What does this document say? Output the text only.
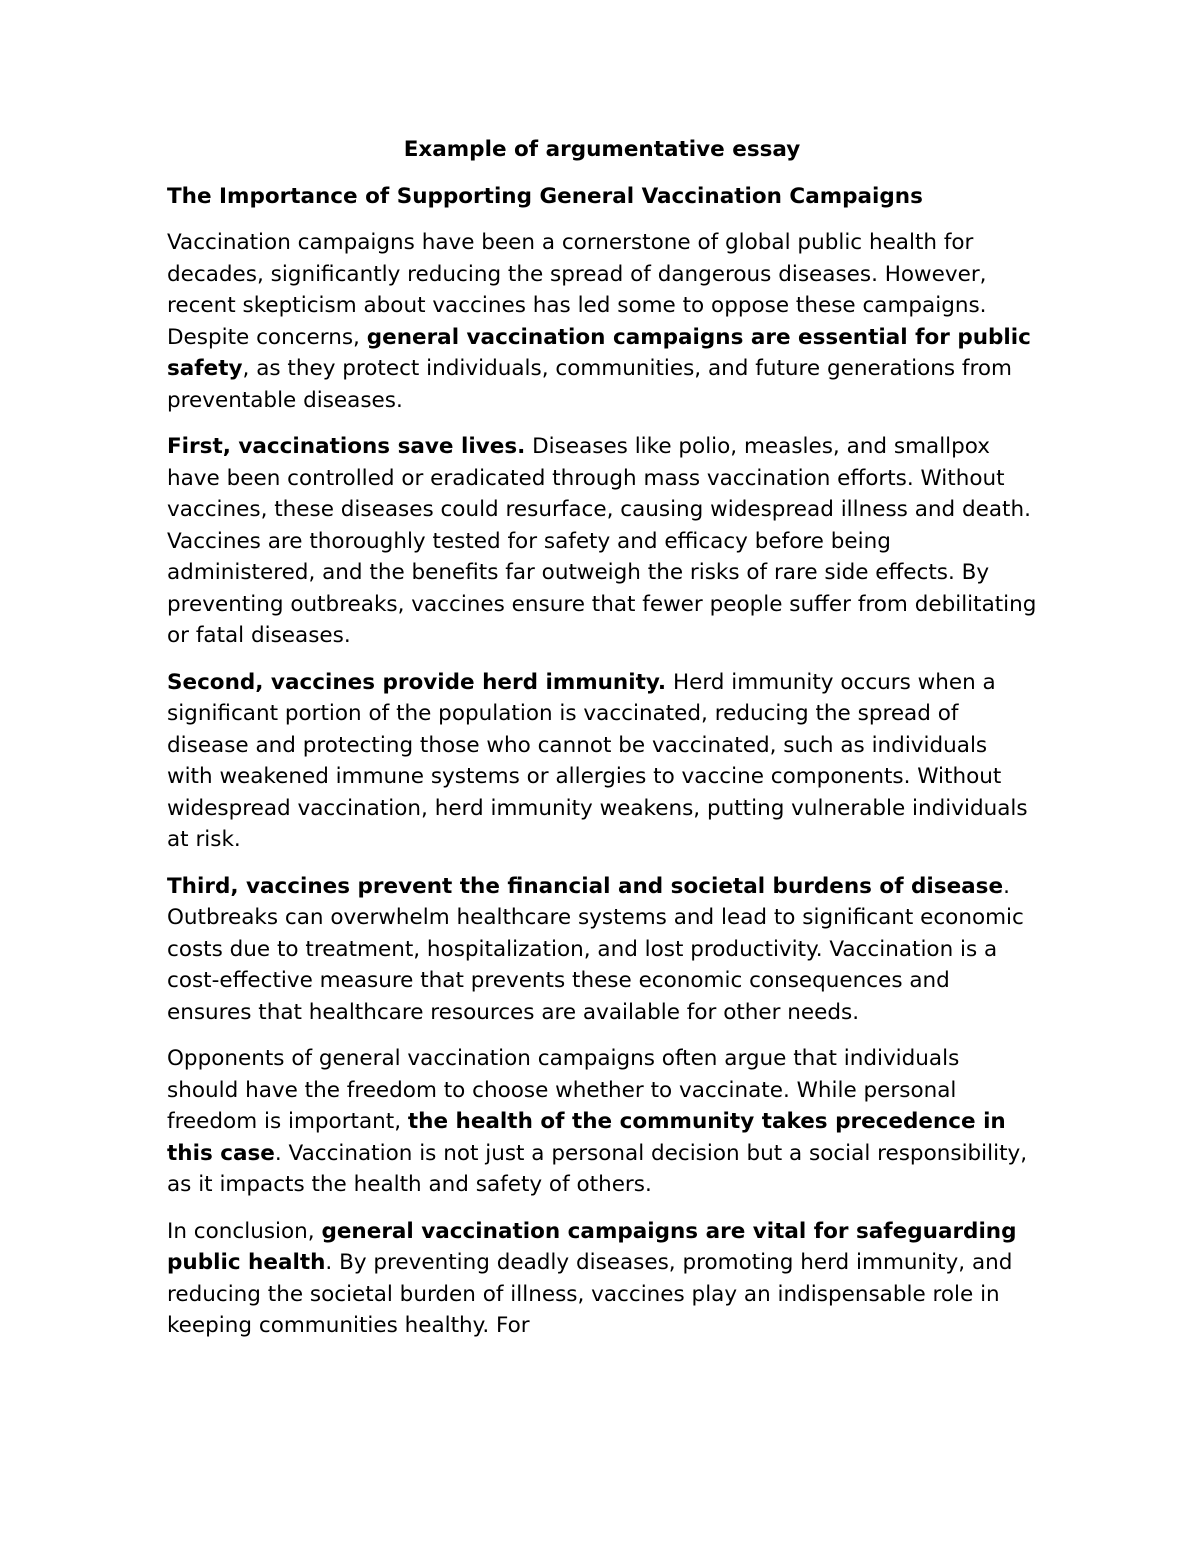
Example of argumentative essay
The Importance of Supporting General Vaccination Campaigns
Vaccination campaigns have been a cornerstone of global public health for decades, significantly reducing the spread of dangerous diseases. However, recent skepticism about vaccines has led some to oppose these campaigns. Despite concerns, general vaccination campaigns are essential for public safety, as they protect individuals, communities, and future generations from preventable diseases.
First, vaccinations save lives. Diseases like polio, measles, and smallpox have been controlled or eradicated through mass vaccination efforts. Without vaccines, these diseases could resurface, causing widespread illness and death. Vaccines are thoroughly tested for safety and efficacy before being administered, and the benefits far outweigh the risks of rare side effects. By preventing outbreaks, vaccines ensure that fewer people suffer from debilitating or fatal diseases.
Second, vaccines provide herd immunity. Herd immunity occurs when a significant portion of the population is vaccinated, reducing the spread of disease and protecting those who cannot be vaccinated, such as individuals with weakened immune systems or allergies to vaccine components. Without widespread vaccination, herd immunity weakens, putting vulnerable individuals at risk.
Third, vaccines prevent the financial and societal burdens of disease. Outbreaks can overwhelm healthcare systems and lead to significant economic costs due to treatment, hospitalization, and lost productivity. Vaccination is a cost-effective measure that prevents these economic consequences and ensures that healthcare resources are available for other needs.
Opponents of general vaccination campaigns often argue that individuals should have the freedom to choose whether to vaccinate. While personal freedom is important, the health of the community takes precedence in this case. Vaccination is not just a personal decision but a social responsibility, as it impacts the health and safety of others.
In conclusion, general vaccination campaigns are vital for safeguarding public health. By preventing deadly diseases, promoting herd immunity, and reducing the societal burden of illness, vaccines play an indispensable role in keeping communities healthy. For
